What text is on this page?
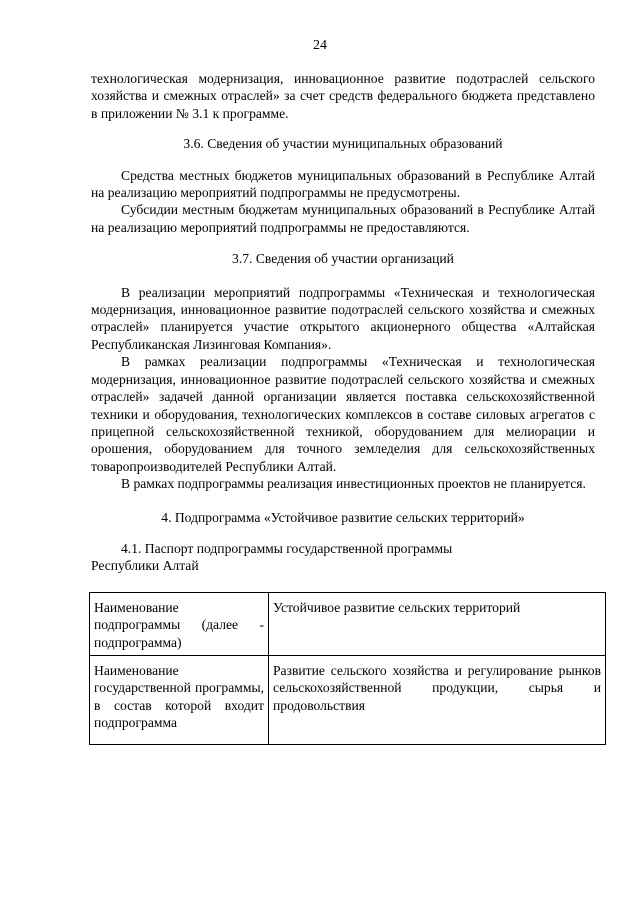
24

технологическая модернизация, инновационное развитие подотраслей сельского хозяйства и смежных отраслей» за счет средств федерального бюджета представлено в приложении № 3.1 к программе.

3.6. Сведения об участии муниципальных образований

Средства местных бюджетов муниципальных образований в Республике Алтай на реализацию мероприятий подпрограммы не предусмотрены.

Субсидии местным бюджетам муниципальных образований в Республике Алтай на реализацию мероприятий подпрограммы не предоставляются.

3.7. Сведения об участии организаций

В реализации мероприятий подпрограммы «Техническая и технологическая модернизация, инновационное развитие подотраслей сельского хозяйства и смежных отраслей» планируется участие открытого акционерного общества «Алтайская Республиканская Лизинговая Компания».

В рамках реализации подпрограммы «Техническая и технологическая модернизация, инновационное развитие подотраслей сельского хозяйства и смежных отраслей» задачей данной организации является поставка сельскохозяйственной техники и оборудования, технологических комплексов в составе силовых агрегатов с прицепной сельскохозяйственной техникой, оборудованием для мелиорации и орошения, оборудованием для точного земледелия для сельскохозяйственных товаропроизводителей Республики Алтай.

В рамках подпрограммы реализация инвестиционных проектов не планируется.

4. Подпрограмма «Устойчивое развитие сельских территорий»
4.1. Паспорт подпрограммы государственной программы
Республики Алтай
Наименование подпрограммы (далее - подпрограмма)	Устойчивое развитие сельских территорий
Наименование государственной программы, в состав которой входит подпрограмма	Развитие сельского хозяйства и регулирование рынков сельскохозяйственной продукции, сырья и продовольствия
